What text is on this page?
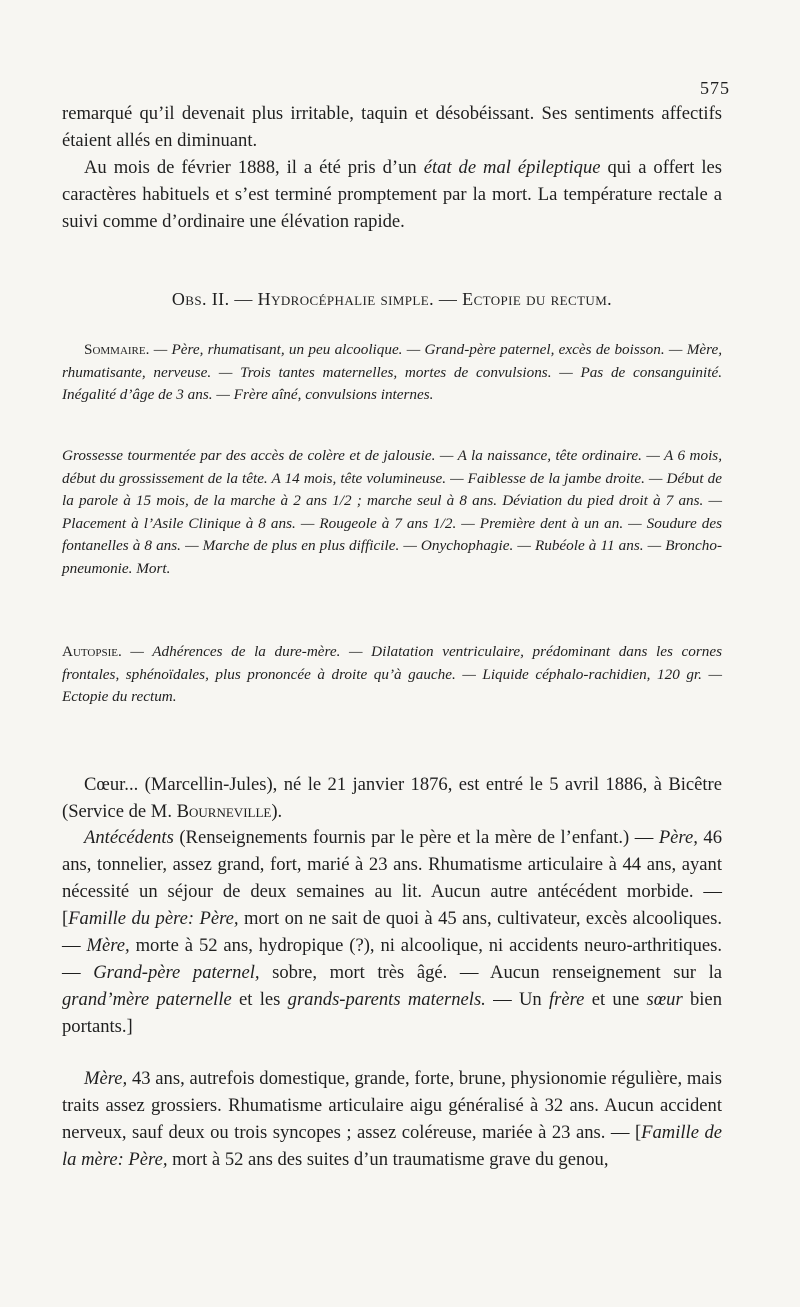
575

remarqué qu’il devenait plus irritable, taquin et désobéissant. Ses sentiments affectifs étaient allés en diminuant.

Au mois de février 1888, il a été pris d’un état de mal épileptique qui a offert les caractères habituels et s’est terminé promptement par la mort. La température rectale a suivi comme d’ordinaire une élévation rapide.

Obs. II. — Hydrocéphalie simple. — Ectopie du rectum.

Sommaire. — Père, rhumatisant, un peu alcoolique. — Grand-père paternel, excès de boisson. — Mère, rhumatisante, nerveuse. — Trois tantes maternelles, mortes de convulsions. — Pas de consanguinité. Inégalité d’âge de 3 ans. — Frère aîné, convulsions internes.

Grossesse tourmentée par des accès de colère et de jalousie. — A la naissance, tête ordinaire. — A 6 mois, début du grossissement de la tête. A 14 mois, tête volumineuse. — Faiblesse de la jambe droite. — Début de la parole à 15 mois, de la marche à 2 ans 1/2 ; marche seul à 8 ans. Déviation du pied droit à 7 ans. — Placement à l’Asile Clinique à 8 ans. — Rougeole à 7 ans 1/2. — Première dent à un an. — Soudure des fontanelles à 8 ans. — Marche de plus en plus difficile. — Onychophagie. — Rubéole à 11 ans. — Broncho-pneumonie. Mort.

Autopsie. — Adhérences de la dure-mère. — Dilatation ventriculaire, prédominant dans les cornes frontales, sphénoïdales, plus prononcée à droite qu’à gauche. — Liquide céphalo-rachidien, 120 gr. — Ectopie du rectum.

Cœur... (Marcellin-Jules), né le 21 janvier 1876, est entré le 5 avril 1886, à Bicêtre (Service de M. Bourneville).

Antécédents (Renseignements fournis par le père et la mère de l’enfant.) — Père, 46 ans, tonnelier, assez grand, fort, marié à 23 ans. Rhumatisme articulaire à 44 ans, ayant nécessité un séjour de deux semaines au lit. Aucun autre antécédent morbide. — [Famille du père: Père, mort on ne sait de quoi à 45 ans, cultivateur, excès alcooliques. — Mère, morte à 52 ans, hydropique (?), ni alcoolique, ni accidents neuro-arthritiques. — Grand-père paternel, sobre, mort très âgé. — Aucun renseignement sur la grand’mère paternelle et les grands-parents maternels. — Un frère et une sœur bien portants.]

Mère, 43 ans, autrefois domestique, grande, forte, brune, physionomie régulière, mais traits assez grossiers. Rhumatisme articulaire aigu généralisé à 32 ans. Aucun accident nerveux, sauf deux ou trois syncopes ; assez coléreuse, mariée à 23 ans. — [Famille de la mère: Père, mort à 52 ans des suites d’un traumatisme grave du genou,
